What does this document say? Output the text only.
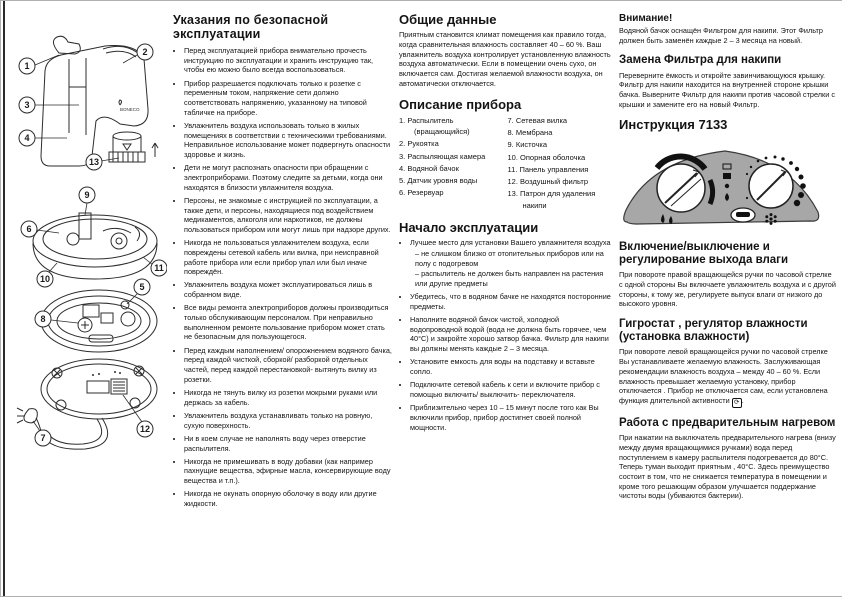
BONECO
1
2
3
4
13
9
6
10
11
5
8
7
12
Указания по безопасной эксплуатации
• Перед эксплуатацией прибора внимательно прочесть инструкцию по эксплуатации и хранить инструкцию так, чтобы ею можно было всегда воспользоваться.
• Прибор разрешается подключать только к розетке с переменным током, напряжение сети должно соответствовать напряжению, указанному на типовой табличке на приборе.
• Увлажнитель воздуха использовать только в жилых помещениях в соответствии с техническими требованиями. Неправильное использование может подвергнуть опасности здоровье и жизнь.
• Дети не могут распознать опасности при обращении с электроприборами. Поэтому следите за детьми, когда они находятся в близости увлажнителя воздуха.
• Персоны, не знакомые с инструкцией по эксплуатации, а также дети, и персоны, находящиеся под воздействием медикаментов, алкоголя или наркотиков, не должны пользоваться прибором или могут лишь при надзоре других.
• Никогда не пользоваться увлажнителем воздуха, если повреждены сетевой кабель или вилка, при неисправной работе прибора или если прибор упал или был иначе повреждён.
• Увлажнитель воздуха может эксплуатироваться лишь в собранном виде.
• Все виды ремонта электроприборов должны производиться только обслуживающим персоналом. При неправильно выполненном ремонте пользование прибором может стать не безопасным для пользующегося.
• Перед каждым наполнением/ опорожнением водяного бачка, перед каждой чисткой, сборкой/ разборкой отдельных частей, перед каждой перестановкой- вытянуть вилку из розетки.
• Никогда не тянуть вилку из розетки мокрыми руками или держась за кабель.
• Увлажнитель воздуха устанавливать только на ровную, сухую поверхность.
• Ни в коем случае не наполнять воду через отверстие распылителя.
• Никогда не примешивать в воду добавки (как например пахнущие вещества, эфирные масла, консервирующие воду вещества и т.п.).
• Никогда не окунать опорную оболочку в воду или другие жидкости.
Общие данные

Приятным становится климат помещения как правило тогда, когда сравнительная влажность составляет 40 – 60 %. Ваш увлажнитель воздуха контролирует установленную влажность воздуха автоматически. Если в помещении очень сухо, он включается сам. Достигая желаемой влажности воздуха, он автоматически отключается.

Описание прибора
1. Распылитель (вращающийся)
2. Рукоятка
3. Распыляющая камера
4. Водяной бачок
5. Датчик уровня воды
6. Резервуар
7. Сетевая вилка
8. Мембрана
9. Кисточка
10. Опорная оболочка
11. Панель управления
12. Воздушный фильтр
13. Патрон для удаления накипи
Начало эксплуатации
• Лучшее место для установки Вашего увлажнителя воздуха
– не слишком близко от отопительных приборов или на полу с подогревом
– распылитель не должен быть направлен на растения или другие предметы
• Убедитесь, что в водяном бачке не находятся посторонние предметы.
• Наполните водяной бачок чистой, холодной водопроводной водой (вода не должна быть горячее, чем 40°C) и закройте хорошо затвор бачка. Фильтр для накипи вы должны менять каждые 2 – 3 месяца.
• Установите емкость для воды на подставку и вставьте сопло.
• Подключите сетевой кабель к сети и включите прибор с помощью включить/ выключить- переключателя.
• Приблизительно через 10 – 15 минут после того как Вы включили прибор, прибор достигнет своей полной мощности.
Внимание!

Водяной бачок оснащён Фильтром для накипи. Этот Фильтр должен быть заменён каждые 2 – 3 месяца на новый.

Замена Фильтра для накипи

Переверните ёмкость и откройте завинчивающуюся крышку. Фильтр для накипи находится на внутренней стороне крышки бачка. Выверните Фильтр для накипи против часовой стрелки с крышки и замените его на новый Фильтр.

Инструкция 7133
Включение/выключение и регулирование выхода влаги

При повороте правой вращающейся ручки по часовой стрелке с одной стороны Вы включаете увлажнитель воздуха и с другой стороны, к тому же, регулируете выпуск влаги от низкого до высокого уровня.

Гигростат , регулятор влажности (установка влажности)

При повороте левой вращающейся ручки по часовой стрелке Вы устанавливаете желаемую влажность. Заслуживающая рекомендации влажность воздуха – между 40 – 60 %. Если влажность превышает желаемую установку, прибор отключается . Прибор не отключается сам, если установлена функция длительной активности ⟳ .

Работа с предварительным нагревом

При нажатии на выключатель предварительного нагрева (внизу между двумя вращающимися ручками) вода перед поступлением в камеру распылителя подогревается до 80°C. Теперь туман выходит приятным , 40°C. Здесь преимущество состоит в том, что не снижается температура в помещении и кроме того решающим образом улучшается поддержание чистоты воды (убиваются бактерии).
